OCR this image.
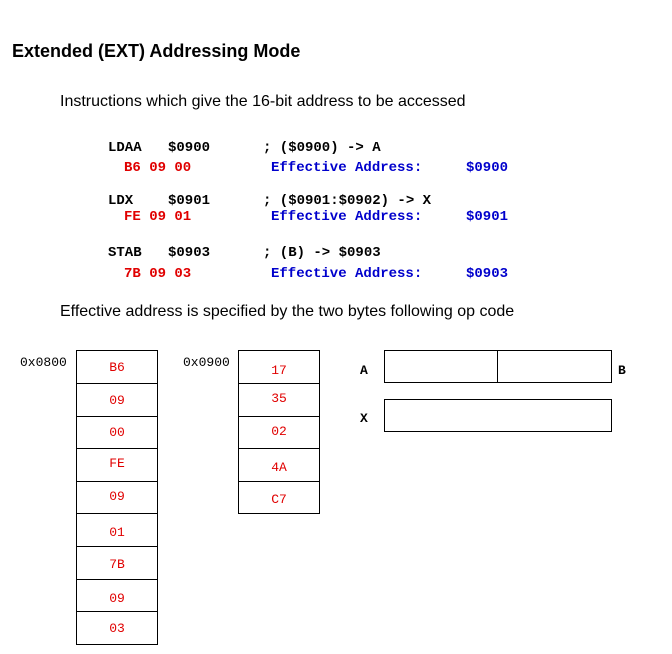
Extended (EXT) Addressing Mode
Instructions which give the 16-bit address to be accessed
LDAA $0900	; ($0900) -> A
B6 09 00	Effective Address:	$0900
LDX $0901	; ($0901:$0902) -> X
FE 09 01	Effective Address:	$0901
STAB $0903	; (B) -> $0903
7B 09 03	Effective Address:	$0903
Effective address is specified by the two bytes following op code
0x0800	B6
09
00
FE
09
01
7B
09
03
0x0900
17
35
02
4A
C7
A	B
X
